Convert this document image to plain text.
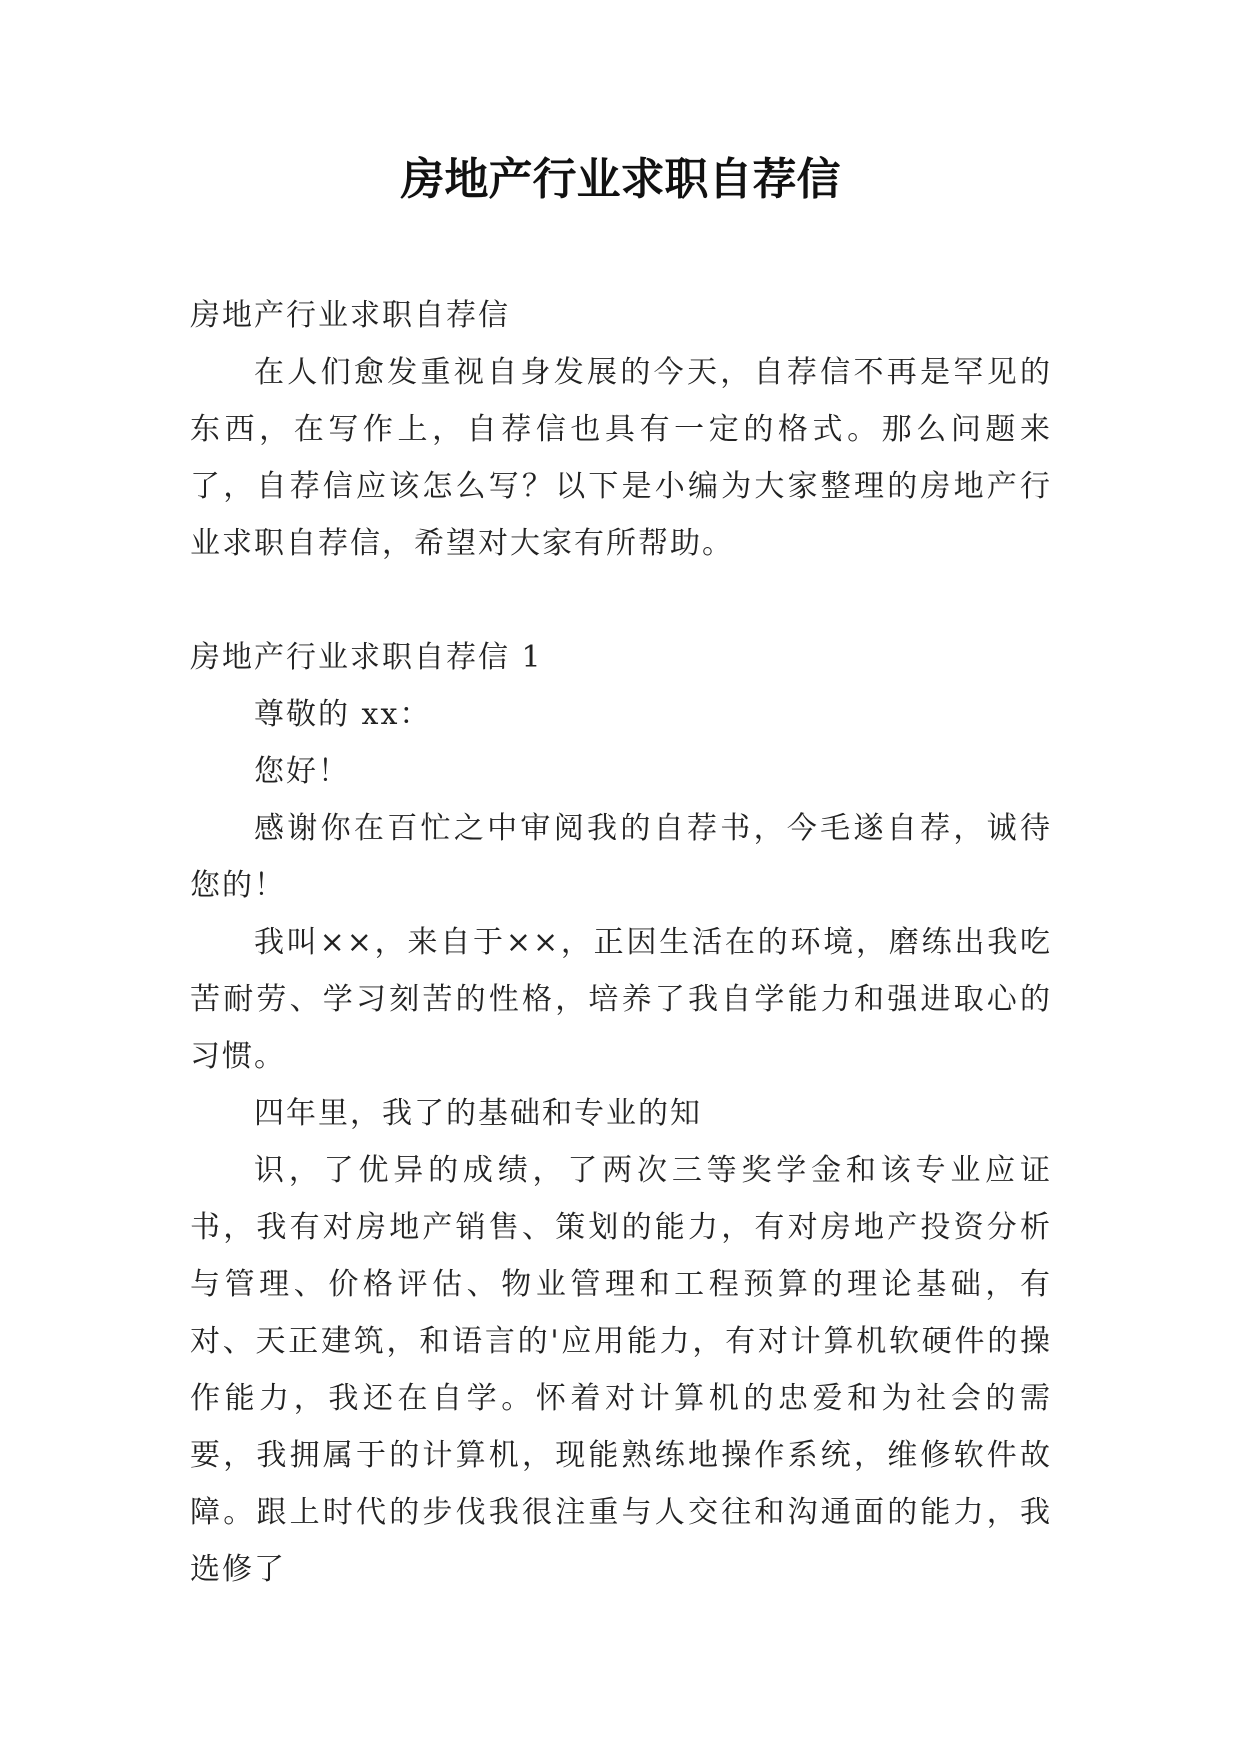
房地产行业求职自荐信

房地产行业求职自荐信

在人们愈发重视自身发展的今天，自荐信不再是罕见的东西，在写作上，自荐信也具有一定的格式。那么问题来了，自荐信应该怎么写？以下是小编为大家整理的房地产行业求职自荐信，希望对大家有所帮助。

房地产行业求职自荐信 1

尊敬的 xx：

您好！

感谢你在百忙之中审阅我的自荐书，今毛遂自荐，诚待您的！

我叫××，来自于××，正因生活在的环境，磨练出我吃苦耐劳、学习刻苦的性格，培养了我自学能力和强进取心的习惯。

四年里，我了的基础和专业的知

识，了优异的成绩，了两次三等奖学金和该专业应证书，我有对房地产销售、策划的能力，有对房地产投资分析与管理、价格评估、物业管理和工程预算的理论基础，有对、天正建筑，和语言的'应用能力，有对计算机软硬件的操作能力，我还在自学。怀着对计算机的忠爱和为社会的需要，我拥属于的计算机，现能熟练地操作系统，维修软件故障。跟上时代的步伐我很注重与人交往和沟通面的能力，我选修了
